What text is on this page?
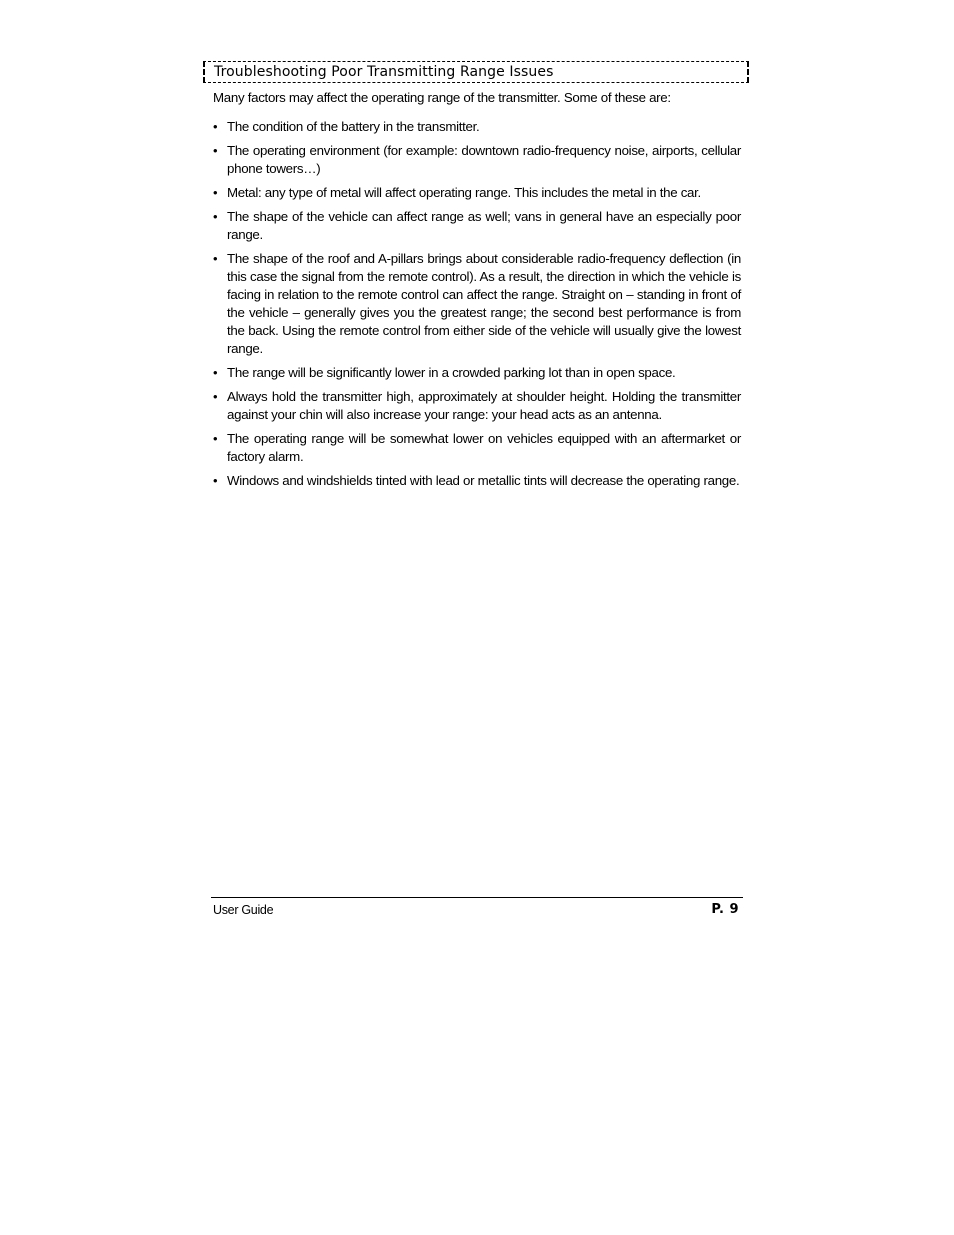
Troubleshooting Poor Transmitting Range Issues
Many factors may affect the operating range of the transmitter. Some of these are:
• The condition of the battery in the transmitter.
• The operating environment (for example: downtown radio-frequency noise, airports, cellular phone towers…)
• Metal: any type of metal will affect operating range. This includes the metal in the car.
• The shape of the vehicle can affect range as well; vans in general have an especially poor range.
• The shape of the roof and A-pillars brings about considerable radio-frequency deflection (in this case the signal from the remote control). As a result, the direction in which the vehicle is facing in relation to the remote control can affect the range. Straight on – standing in front of the vehicle – generally gives you the greatest range; the second best performance is from the back. Using the remote control from either side of the vehicle will usually give the lowest range.
• The range will be significantly lower in a crowded parking lot than in open space.
• Always hold the transmitter high, approximately at shoulder height. Holding the transmitter against your chin will also increase your range: your head acts as an antenna.
• The operating range will be somewhat lower on vehicles equipped with an aftermarket or factory alarm.
• Windows and windshields tinted with lead or metallic tints will decrease the operating range.
User Guide	P. 9
